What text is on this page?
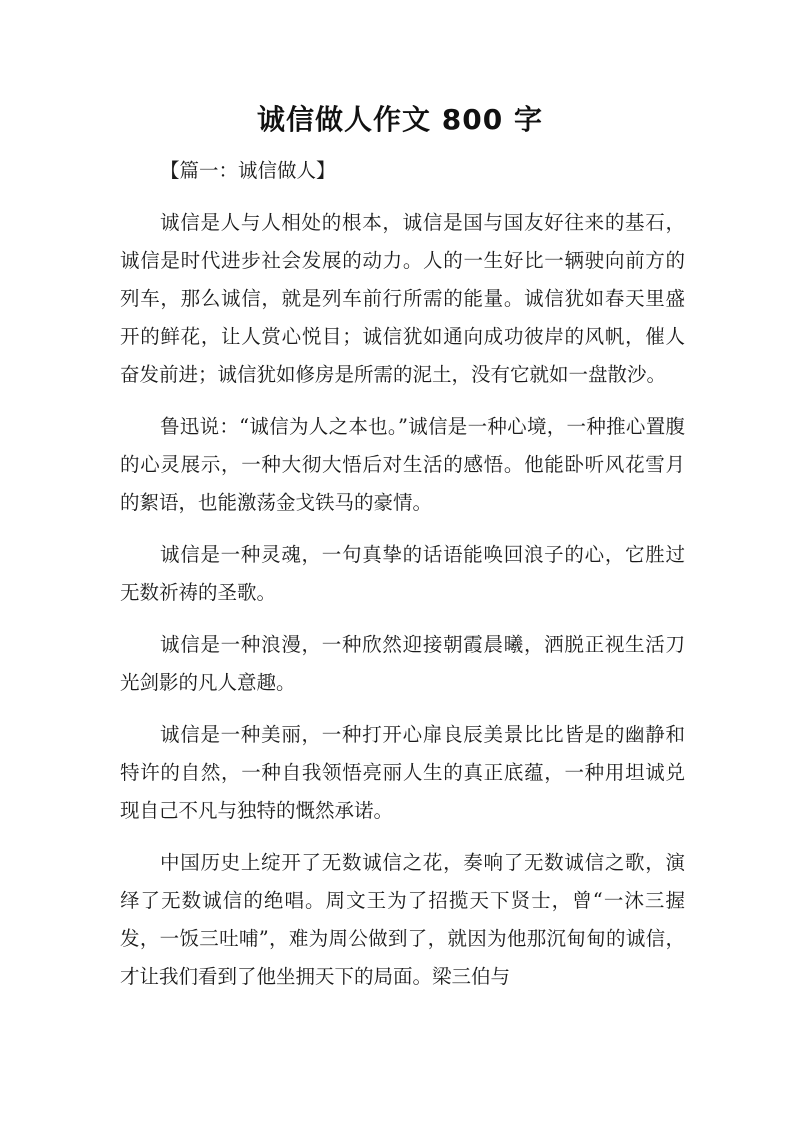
诚信做人作文 800 字

【篇一：诚信做人】

诚信是人与人相处的根本，诚信是国与国友好往来的基石，诚信是时代进步社会发展的动力。人的一生好比一辆驶向前方的列车，那么诚信，就是列车前行所需的能量。诚信犹如春天里盛开的鲜花，让人赏心悦目；诚信犹如通向成功彼岸的风帆，催人奋发前进；诚信犹如修房是所需的泥土，没有它就如一盘散沙。

鲁迅说：“诚信为人之本也。”诚信是一种心境，一种推心置腹的心灵展示，一种大彻大悟后对生活的感悟。他能卧听风花雪月的絮语，也能激荡金戈铁马的豪情。

诚信是一种灵魂，一句真挚的话语能唤回浪子的心，它胜过无数祈祷的圣歌。

诚信是一种浪漫，一种欣然迎接朝霞晨曦，洒脱正视生活刀光剑影的凡人意趣。

诚信是一种美丽，一种打开心扉良辰美景比比皆是的幽静和特许的自然，一种自我领悟亮丽人生的真正底蕴，一种用坦诚兑现自己不凡与独特的慨然承诺。

中国历史上绽开了无数诚信之花，奏响了无数诚信之歌，演绎了无数诚信的绝唱。周文王为了招揽天下贤士，曾“一沐三握发，一饭三吐哺”，难为周公做到了，就因为他那沉甸甸的诚信，才让我们看到了他坐拥天下的局面。梁三伯与
